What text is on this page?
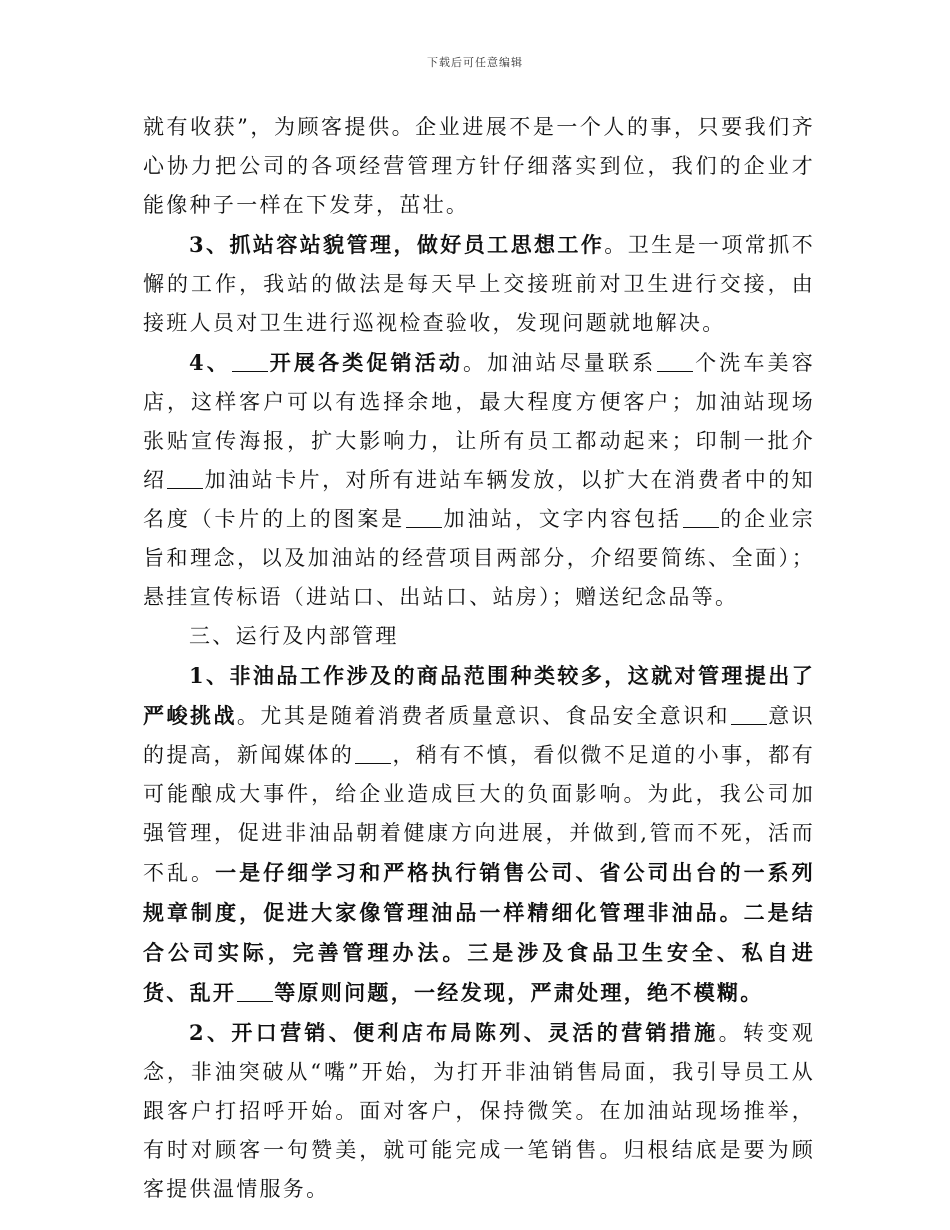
下载后可任意编辑

就有收获”，为顾客提供。企业进展不是一个人的事，只要我们齐心协力把公司的各项经营管理方针仔细落实到位，我们的企业才能像种子一样在下发芽，茁壮。

3、抓站容站貌管理，做好员工思想工作。卫生是一项常抓不懈的工作，我站的做法是每天早上交接班前对卫生进行交接，由接班人员对卫生进行巡视检查验收，发现问题就地解决。

4、 开展各类促销活动。加油站尽量联系 个洗车美容店，这样客户可以有选择余地，最大程度方便客户；加油站现场张贴宣传海报，扩大影响力，让所有员工都动起来；印制一批介绍 加油站卡片，对所有进站车辆发放，以扩大在消费者中的知名度（卡片的上的图案是 加油站，文字内容包括 的企业宗旨和理念，以及加油站的经营项目两部分，介绍要简练、全面）；悬挂宣传标语（进站口、出站口、站房）；赠送纪念品等。

三、运行及内部管理

1、非油品工作涉及的商品范围种类较多，这就对管理提出了严峻挑战。尤其是随着消费者质量意识、食品安全意识和 意识的提高，新闻媒体的 ，稍有不慎，看似微不足道的小事，都有可能酿成大事件，给企业造成巨大的负面影响。为此，我公司加强管理，促进非油品朝着健康方向进展，并做到,管而不死，活而不乱。一是仔细学习和严格执行销售公司、省公司出台的一系列规章制度，促进大家像管理油品一样精细化管理非油品。二是结合公司实际，完善管理办法。三是涉及食品卫生安全、私自进货、乱开 等原则问题，一经发现，严肃处理，绝不模糊。

2、开口营销、便利店布局陈列、灵活的营销措施。转变观念，非油突破从“嘴”开始，为打开非油销售局面，我引导员工从跟客户打招呼开始。面对客户，保持微笑。在加油站现场推举，有时对顾客一句赞美，就可能完成一笔销售。归根结底是要为顾客提供温情服务。
